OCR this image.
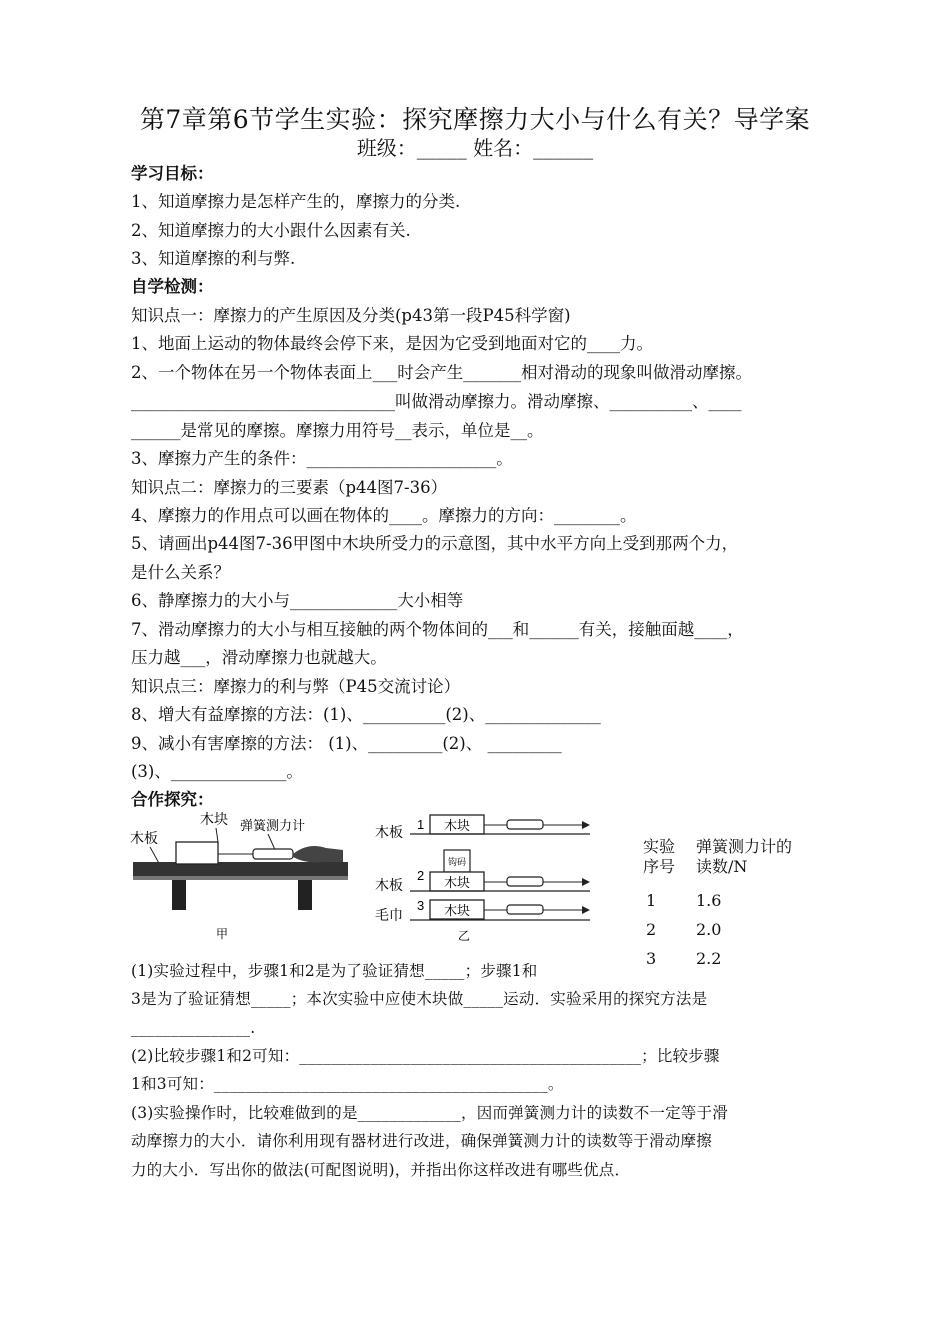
第7章第6节学生实验：探究摩擦力大小与什么有关？导学案
班级：_____ 姓名：______
学习目标：
1、知道摩擦力是怎样产生的，摩擦力的分类.
2、知道摩擦力的大小跟什么因素有关.
3、知道摩擦的利与弊.
自学检测：
知识点一：摩擦力的产生原因及分类(p43第一段P45科学窗)
1、地面上运动的物体最终会停下来，是因为它受到地面对它的____力。
2、一个物体在另一个物体表面上___时会产生_______相对滑动的现象叫做滑动摩擦。
________________________________叫做滑动摩擦力。滑动摩擦、__________、____
______是常见的摩擦。摩擦力用符号__表示，单位是__。
3、摩擦力产生的条件：_______________________。
知识点二：摩擦力的三要素（p44图7-36）
4、摩擦力的作用点可以画在物体的____。摩擦力的方向：________。
5、请画出p44图7-36甲图中木块所受力的示意图，其中水平方向上受到那两个力，
是什么关系？
6、静摩擦力的大小与_____________大小相等
7、滑动摩擦力的大小与相互接触的两个物体间的___和______有关，接触面越____，
压力越___，滑动摩擦力也就越大。
知识点三：摩擦力的利与弊（P45交流讨论）
8、增大有益摩擦的方法：(1)、__________(2)、______________
9、减小有害摩擦的方法： (1)、_________(2)、 _________
(3)、______________。
合作探究：
木板
木块 弹簧测力计
甲
木板 1 木块
钩码
木板
2 木块
毛巾
3 木块
乙
实验
序号
弹簧测力计的
读数/N
1 1.6
2 2.0
3 2.2
(1)实验过程中，步骤1和2是为了验证猜想_____；步骤1和
3是为了验证猜想_____；本次实验中应使木块做_____运动．实验采用的探究方法是
_______________.
(2)比较步骤1和2可知：___________________________________________；比较步骤
1和3可知：__________________________________________。
(3)实验操作时，比较难做到的是_____________，因而弹簧测力计的读数不一定等于滑
动摩擦力的大小．请你利用现有器材进行改进，确保弹簧测力计的读数等于滑动摩擦
力的大小．写出你的做法(可配图说明)，并指出你这样改进有哪些优点．
